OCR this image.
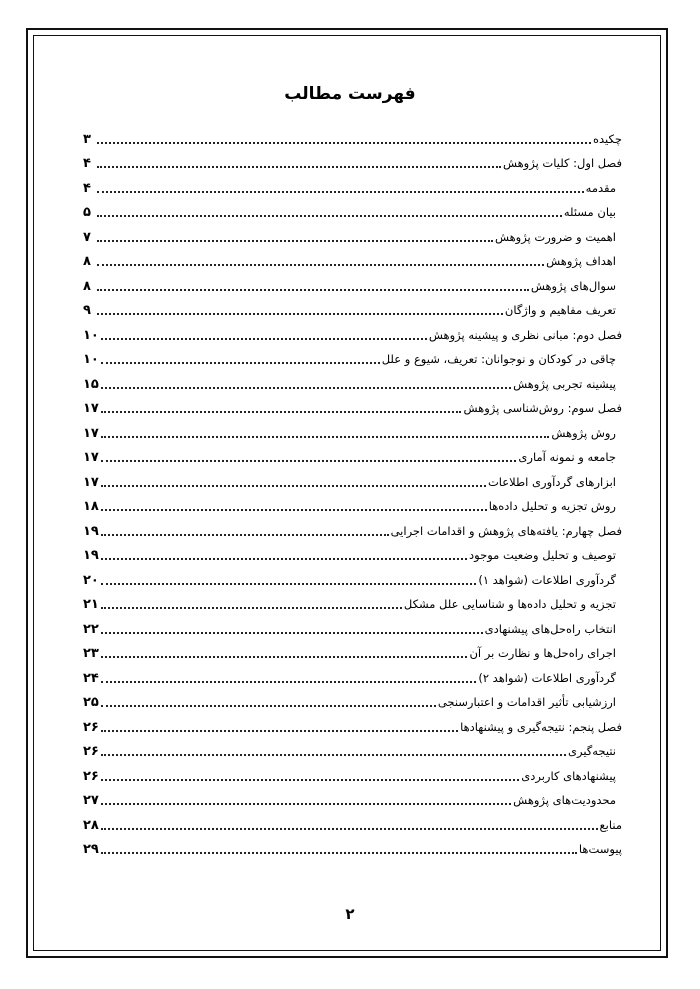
فهرست مطالب
چکیده
۳
فصل اول: کلیات پژوهش
۴
مقدمه
۴
بیان مسئله
۵
اهمیت و ضرورت پژوهش
۷
اهداف پژوهش
۸
سوال‌های پژوهش
۸
تعریف مفاهیم و واژگان
۹
فصل دوم: مبانی نظری و پیشینه پژوهش
۱۰
چاقی در کودکان و نوجوانان: تعریف، شیوع و علل
۱۰
پیشینه تجربی پژوهش
۱۵
فصل سوم: روش‌شناسی پژوهش
۱۷
روش پژوهش
۱۷
جامعه و نمونه آماری
۱۷
ابزارهای گردآوری اطلاعات
۱۷
روش تجزیه و تحلیل داده‌ها
۱۸
فصل چهارم: یافته‌های پژوهش و اقدامات اجرایی
۱۹
توصیف و تحلیل وضعیت موجود
۱۹
گردآوری اطلاعات (شواهد ۱)
۲۰
تجزیه و تحلیل داده‌ها و شناسایی علل مشکل
۲۱
انتخاب راه‌حل‌های پیشنهادی
۲۲
اجرای راه‌حل‌ها و نظارت بر آن
۲۳
گردآوری اطلاعات (شواهد ۲)
۲۴
ارزشیابی تأثیر اقدامات و اعتبارسنجی
۲۵
فصل پنجم: نتیجه‌گیری و پیشنهادها
۲۶
نتیجه‌گیری
۲۶
پیشنهادهای کاربردی
۲۶
محدودیت‌های پژوهش
۲۷
منابع
۲۸
پیوست‌ها
۲۹
۲
